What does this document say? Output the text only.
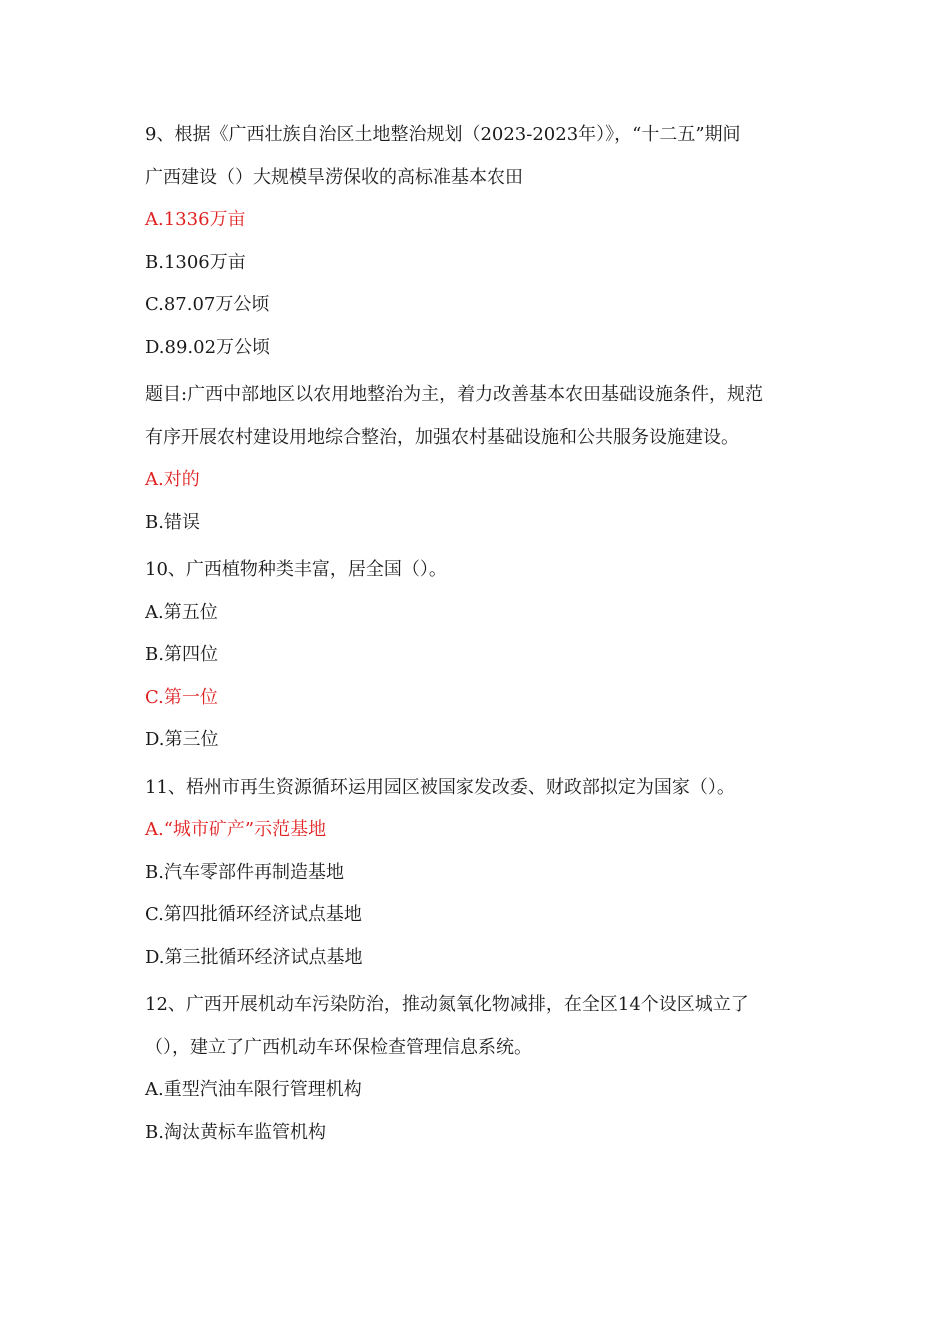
9、根据《广西壮族自治区土地整治规划（2023-2023年）》，“十二五”期间
广西建设（）大规模旱涝保收的高标准基本农田
A.1336万亩
B.1306万亩
C.87.07万公顷
D.89.02万公顷
题目:广西中部地区以农用地整治为主，着力改善基本农田基础设施条件，规范
有序开展农村建设用地综合整治，加强农村基础设施和公共服务设施建设。
A.对的
B.错误
10、广西植物种类丰富，居全国（）。
A.第五位
B.第四位
C.第一位
D.第三位
11、梧州市再生资源循环运用园区被国家发改委、财政部拟定为国家（）。
A.“城市矿产”示范基地
B.汽车零部件再制造基地
C.第四批循环经济试点基地
D.第三批循环经济试点基地
12、广西开展机动车污染防治，推动氮氧化物减排，在全区14个设区城立了
（），建立了广西机动车环保检查管理信息系统。
A.重型汽油车限行管理机构
B.淘汰黄标车监管机构
